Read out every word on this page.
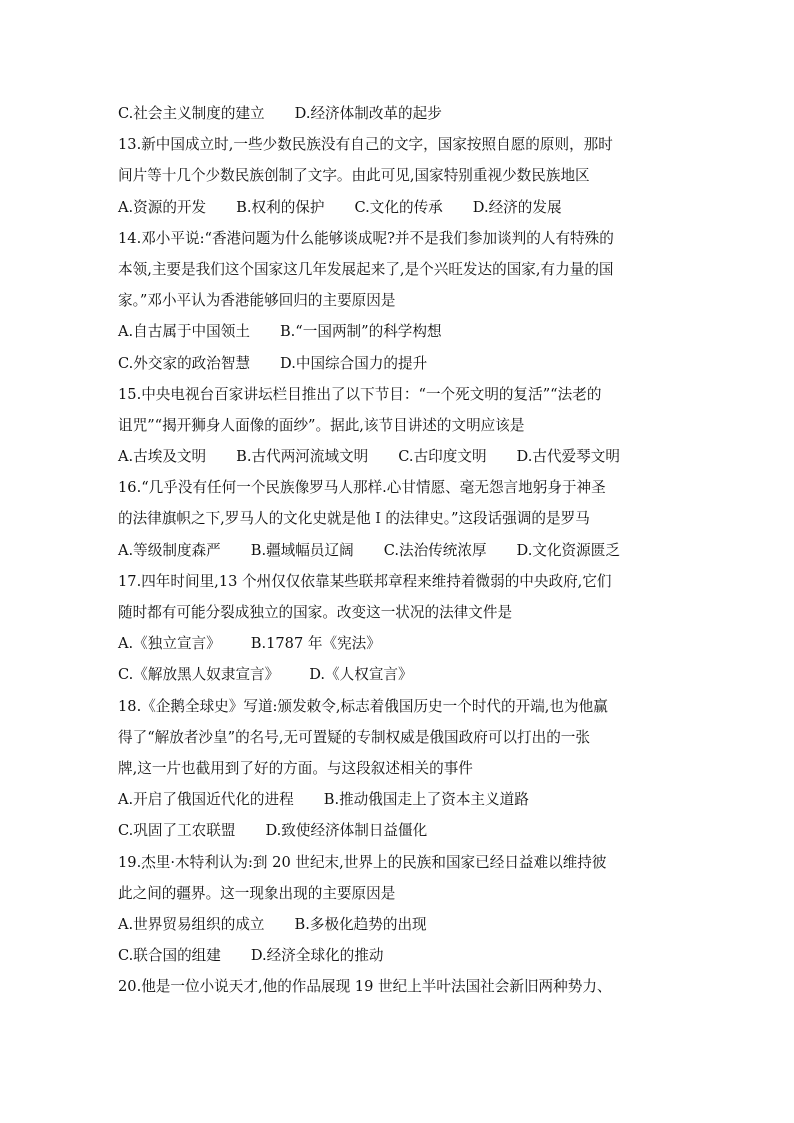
C.社会主义制度的建立 D.经济体制改革的起步
13.新中国成立时,一些少数民族没有自己的文字，国家按照自愿的原则，那时
间片等十几个少数民族创制了文字。由此可见,国家特别重视少数民族地区
A.资源的开发 B.权利的保护 C.文化的传承 D.经济的发展
14.邓小平说:“香港问题为什么能够谈成呢?并不是我们参加谈判的人有特殊的
本领,主要是我们这个国家这几年发展起来了,是个兴旺发达的国家,有力量的国
家。”邓小平认为香港能够回归的主要原因是
A.自古属于中国领土 B.“一国两制”的科学构想
C.外交家的政治智慧 D.中国综合国力的提升
15.中央电视台百家讲坛栏目推出了以下节目：“一个死文明的复活”“法老的
诅咒”“揭开狮身人面像的面纱”。据此,该节目讲述的文明应该是
A.古埃及文明 B.古代两河流域文明 C.古印度文明 D.古代爱琴文明
16.“几乎没有任何一个民族像罗马人那样.心甘情愿、毫无怨言地躬身于神圣
的法律旗帜之下,罗马人的文化史就是他Ｉ的法律史。”这段话强调的是罗马
A.等级制度森严 B.疆域幅员辽阔 C.法治传统浓厚 D.文化资源匮乏
17.四年时间里,13 个州仅仅依靠某些联邦章程来维持着微弱的中央政府,它们
随时都有可能分裂成独立的国家。改变这一状况的法律文件是
A.《独立宣言》 B.1787 年《宪法》
C.《解放黑人奴隶宣言》 D.《人权宣言》
18.《企鹅全球史》写道:颁发敕令,标志着俄国历史一个时代的开端,也为他赢
得了“解放者沙皇”的名号,无可置疑的专制权威是俄国政府可以打出的一张
牌,这一片也截用到了好的方面。与这段叙述相关的事件
A.开启了俄国近代化的进程 B.推动俄国走上了资本主义道路
C.巩固了工农联盟 D.致使经济体制日益僵化
19.杰里·木特利认为:到 20 世纪末,世界上的民族和国家已经日益难以维持彼
此之间的疆界。这一现象出现的主要原因是
A.世界贸易组织的成立 B.多极化趋势的出现
C.联合国的组建 D.经济全球化的推动
20.他是一位小说天才,他的作品展现 19 世纪上半叶法国社会新旧两种势力、
